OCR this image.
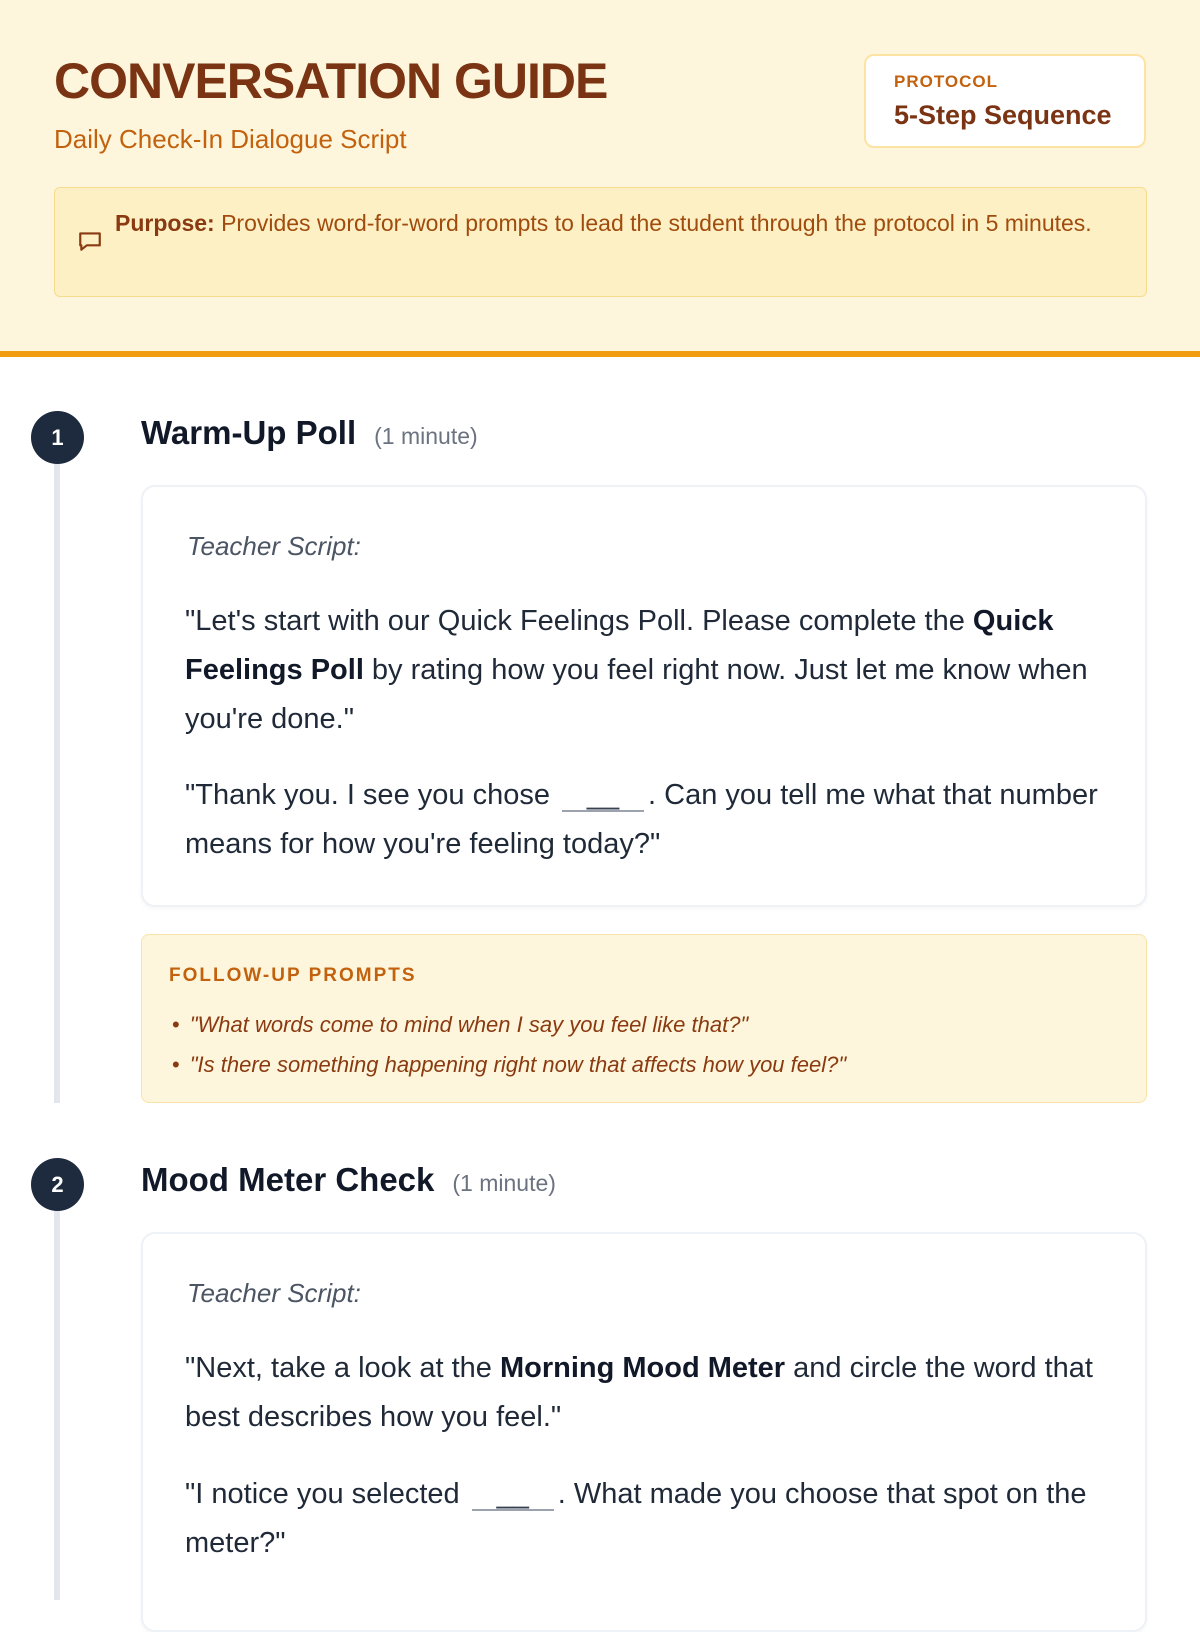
CONVERSATION GUIDE
Daily Check-In Dialogue Script
PROTOCOL
5-Step Sequence
Purpose: Provides word-for-word prompts to lead the student through the protocol in 5 minutes.
1	Warm-Up Poll (1 minute)
Teacher Script:
"Let's start with our Quick Feelings Poll. Please complete the Quick Feelings Poll by rating how you feel right now. Just let me know when you're done."
"Thank you. I see you chose __ . Can you tell me what that number means for how you're feeling today?"
FOLLOW-UP PROMPTS
• "What words come to mind when I say you feel like that?"
• "Is there something happening right now that affects how you feel?"
2	Mood Meter Check (1 minute)
Teacher Script:
"Next, take a look at the Morning Mood Meter and circle the word that best describes how you feel."
"I notice you selected __ . What made you choose that spot on the meter?"
